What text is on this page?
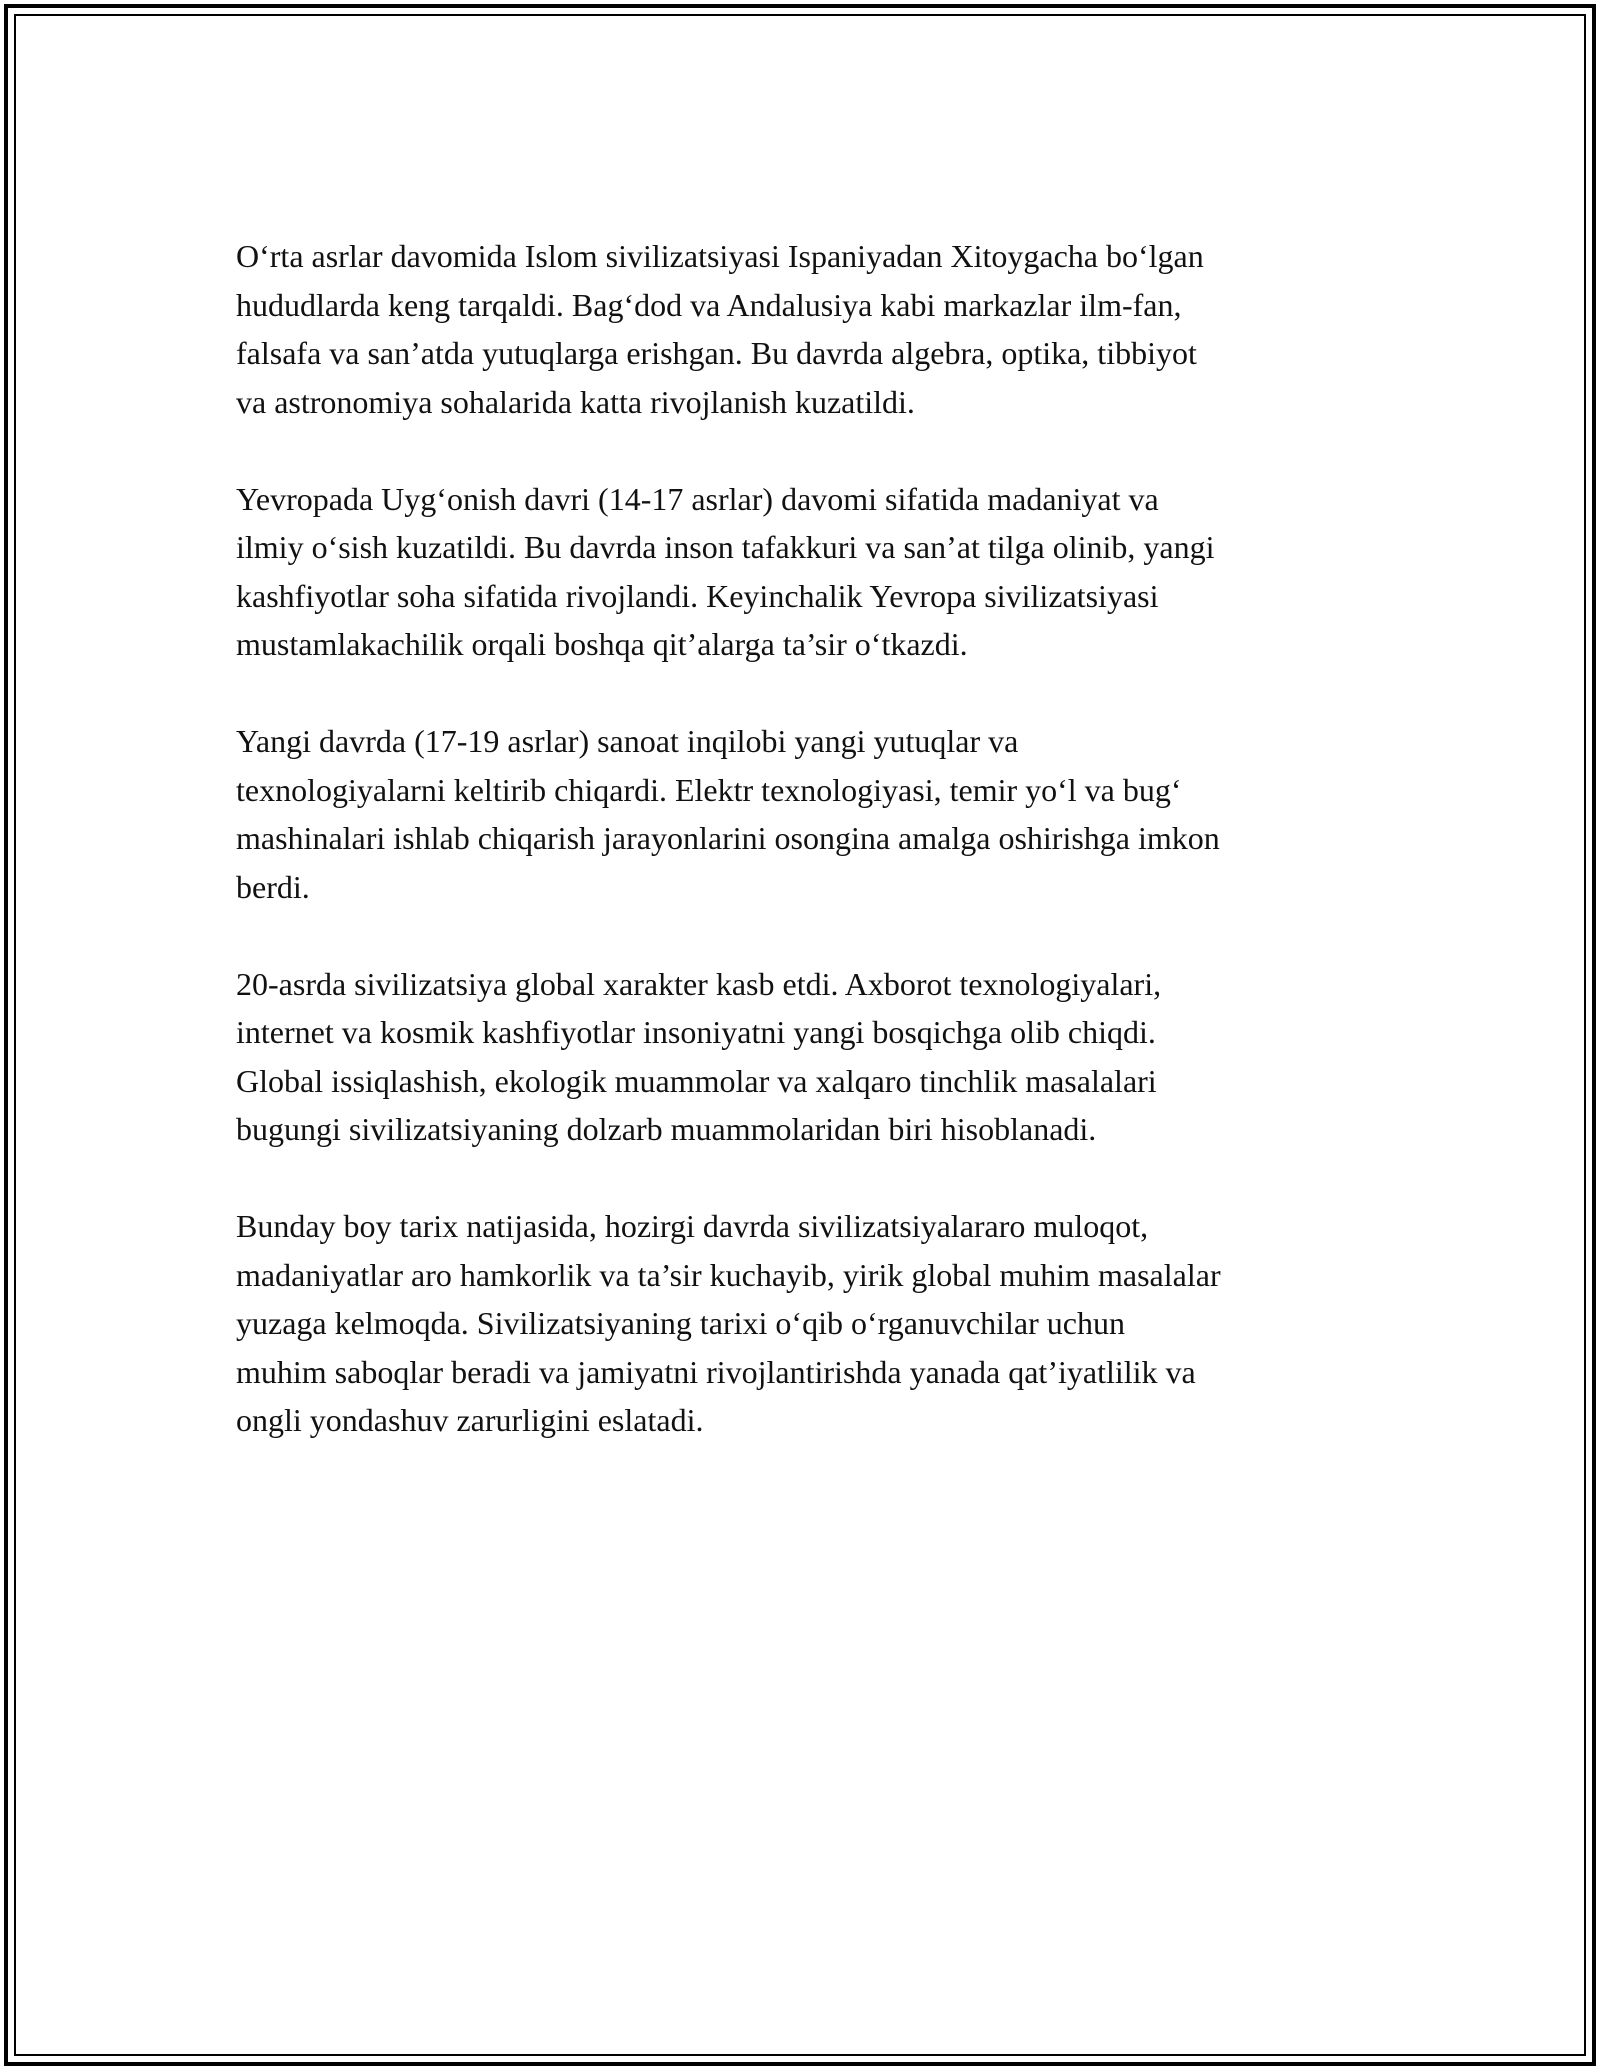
O‘rta asrlar davomida Islom sivilizatsiyasi Ispaniyadan Xitoygacha bo‘lgan
hududlarda keng tarqaldi. Bag‘dod va Andalusiya kabi markazlar ilm-fan,
falsafa va san’atda yutuqlarga erishgan. Bu davrda algebra, optika, tibbiyot
va astronomiya sohalarida katta rivojlanish kuzatildi.

Yevropada Uyg‘onish davri (14-17 asrlar) davomi sifatida madaniyat va
ilmiy o‘sish kuzatildi. Bu davrda inson tafakkuri va san’at tilga olinib, yangi
kashfiyotlar soha sifatida rivojlandi. Keyinchalik Yevropa sivilizatsiyasi
mustamlakachilik orqali boshqa qit’alarga ta’sir o‘tkazdi.

Yangi davrda (17-19 asrlar) sanoat inqilobi yangi yutuqlar va
texnologiyalarni keltirib chiqardi. Elektr texnologiyasi, temir yo‘l va bug‘
mashinalari ishlab chiqarish jarayonlarini osongina amalga oshirishga imkon
berdi.

20-asrda sivilizatsiya global xarakter kasb etdi. Axborot texnologiyalari,
internet va kosmik kashfiyotlar insoniyatni yangi bosqichga olib chiqdi.
Global issiqlashish, ekologik muammolar va xalqaro tinchlik masalalari
bugungi sivilizatsiyaning dolzarb muammolaridan biri hisoblanadi.

Bunday boy tarix natijasida, hozirgi davrda sivilizatsiyalararo muloqot,
madaniyatlar aro hamkorlik va ta’sir kuchayib, yirik global muhim masalalar
yuzaga kelmoqda. Sivilizatsiyaning tarixi o‘qib o‘rganuvchilar uchun
muhim saboqlar beradi va jamiyatni rivojlantirishda yanada qat’iyatlilik va
ongli yondashuv zarurligini eslatadi.
